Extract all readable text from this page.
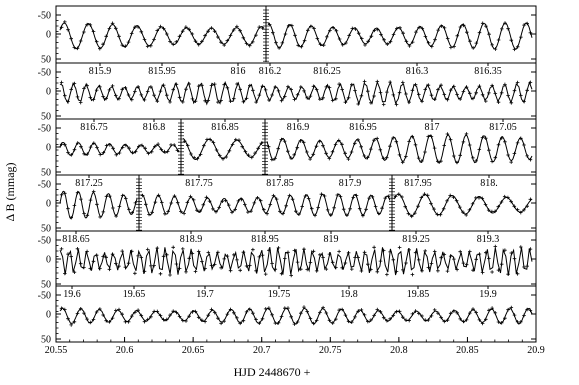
-50
0
50
-50
0
50
-50
0
50
-50
0
50
-50
0
50
-50
0
50
20.55	20.6	20.65	20.7	20.75	20.8	20.85	20.9
815.9	815.95	816 816.2	816.25	816.3	816.35
816.75	816.8	816.85	816.9	816.95	817	817.05
817.25	817.75	817.85	817.9	817.95	818.
818.65	818.9	818.95	819	819.25	819.3
19.6	19.65	19.7	19.75	19.8	19.85	19.9
Δ B (mmag)
HJD 2448670 +
